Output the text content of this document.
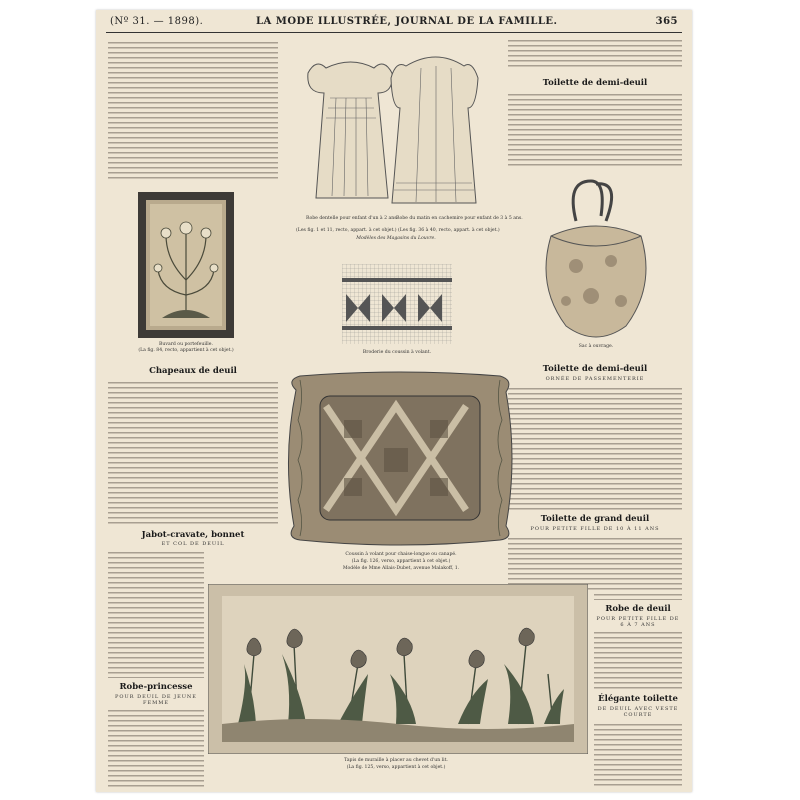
(Nº 31. — 1898).	LA MODE ILLUSTRÉE, JOURNAL DE LA FAMILLE.	365
Buvard ou portefeuille.
(La fig. 84, recto, appartient à cet objet.)
Chapeaux de deuil
Jabot-cravate, bonnet
ET COL DE DEUIL
Robe-princesse
POUR DEUIL DE JEUNE FEMME
Robe dentelle pour enfant d'un à 2 ans.
Robe du matin en cachemire pour enfant de 3 à 5 ans.
(Les fig. 1 et 11, recto, appart. à cet objet.) (Les fig. 36 à 40, recto, appart. à cet objet.)
Modèles des Magasins du Louvre.
Broderie du coussin à volant.
Toilette de demi-deuil
Sac à ouvrage.
Toilette de demi-deuil
ORNÉE DE PASSEMENTERIE
Toilette de grand deuil
POUR PETITE FILLE DE 10 À 11 ANS
Robe de deuil
POUR PETITE FILLE DE 6 À 7 ANS
Élégante toilette
DE DEUIL AVEC VESTE COURTE
Coussin à volant pour chaise-longue ou canapé.
(La fig. 126, verso, appartient à cet objet.)
Modèle de Mme Allais-Dubet, avenue Malakoff, 1.
Tapis de muraille à placer au chevet d'un lit.
(La fig. 125, verso, appartient à cet objet.)
